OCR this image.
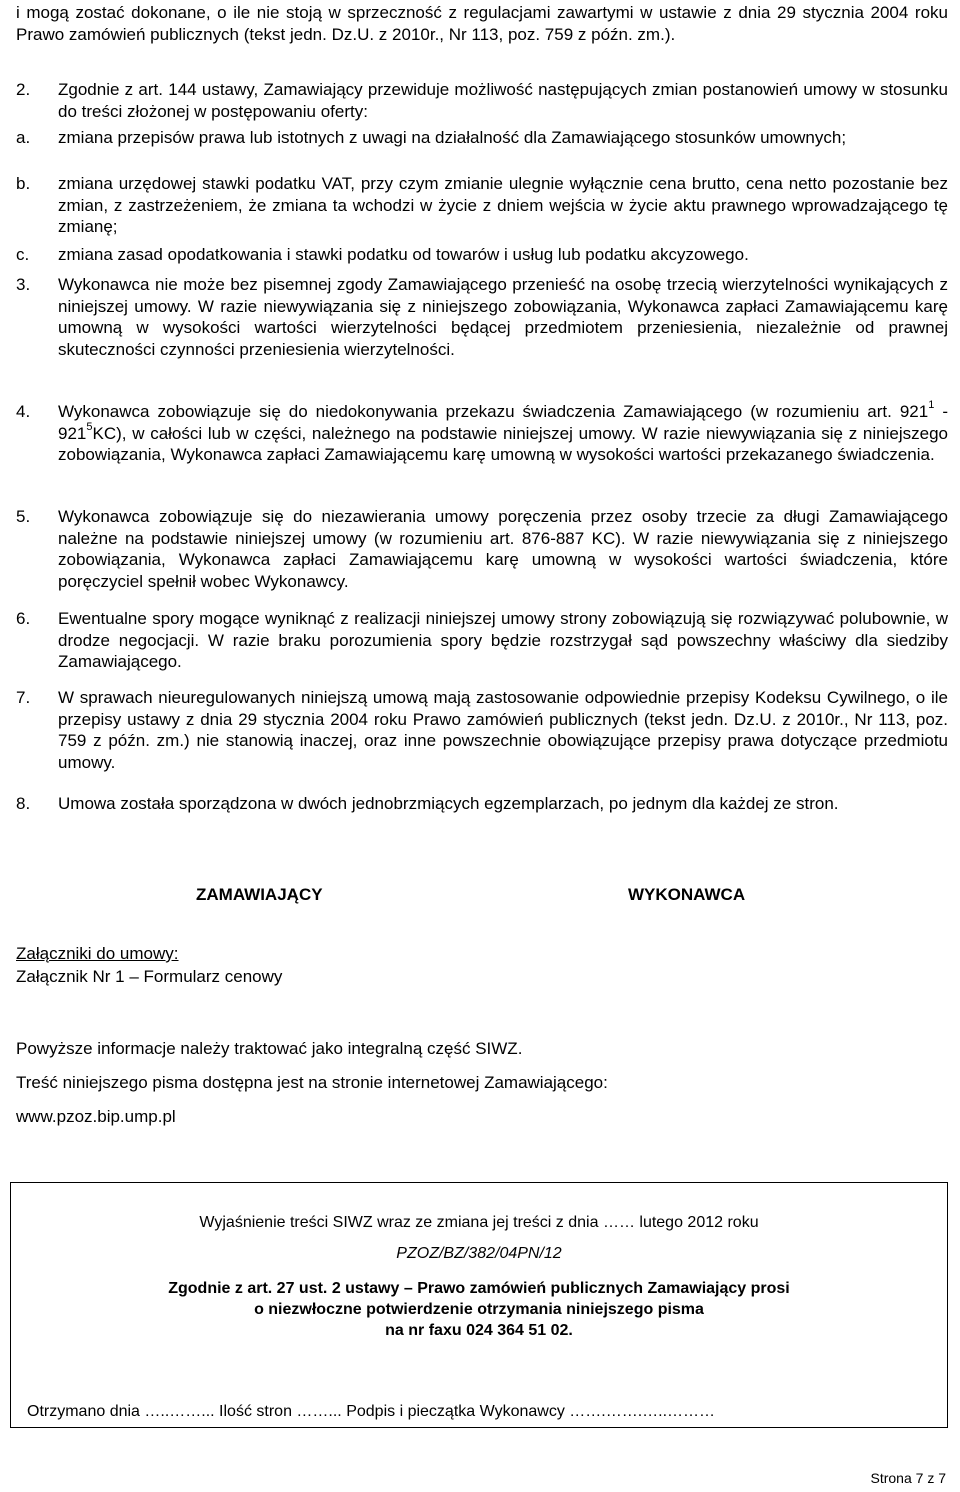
i mogą zostać dokonane, o ile nie stoją w sprzeczność z regulacjami zawartymi w ustawie z dnia 29 stycznia 2004 roku Prawo zamówień publicznych (tekst jedn. Dz.U. z 2010r., Nr 113, poz. 759 z późn. zm.).
2. Zgodnie z art. 144 ustawy, Zamawiający przewiduje możliwość następujących zmian postanowień umowy w stosunku do treści złożonej w postępowaniu oferty:
a.	zmiana przepisów prawa lub istotnych z uwagi na działalność dla Zamawiającego stosunków umownych;
b.	zmiana urzędowej stawki podatku VAT, przy czym zmianie ulegnie wyłącznie cena brutto, cena netto pozostanie bez zmian, z zastrzeżeniem, że zmiana ta wchodzi w życie z dniem wejścia w życie aktu prawnego wprowadzającego tę zmianę;
c.	zmiana zasad opodatkowania i stawki podatku od towarów i usług lub podatku akcyzowego.
3. Wykonawca nie może bez pisemnej zgody Zamawiającego przenieść na osobę trzecią wierzytelności wynikających z niniejszej umowy. W razie niewywiązania się z niniejszego zobowiązania, Wykonawca zapłaci Zamawiającemu karę umowną w wysokości wartości wierzytelności będącej przedmiotem przeniesienia, niezależnie od prawnej skuteczności czynności przeniesienia wierzytelności.
4. Wykonawca zobowiązuje się do niedokonywania przekazu świadczenia Zamawiającego (w rozumieniu art. $921^1 - 921^5KC$), w całości lub w części, należnego na podstawie niniejszej umowy. W razie niewywiązania się z niniejszego zobowiązania, Wykonawca zapłaci Zamawiającemu karę umowną w wysokości wartości przekazanego świadczenia.
5. Wykonawca zobowiązuje się do niezawierania umowy poręczenia przez osoby trzecie za długi Zamawiającego należne na podstawie niniejszej umowy (w rozumieniu art. 876-887 KC). W razie niewywiązania się z niniejszego zobowiązania, Wykonawca zapłaci Zamawiającemu karę umowną w wysokości wartości świadczenia, które poręczyciel spełnił wobec Wykonawcy.
6. Ewentualne spory mogące wyniknąć z realizacji niniejszej umowy strony zobowiązują się rozwiązywać polubownie, w drodze negocjacji. W razie braku porozumienia spory będzie rozstrzygał sąd powszechny właściwy dla siedziby Zamawiającego.
7. W sprawach nieuregulowanych niniejszą umową mają zastosowanie odpowiednie przepisy Kodeksu Cywilnego, o ile przepisy ustawy z dnia 29 stycznia 2004 roku Prawo zamówień publicznych (tekst jedn. Dz.U. z 2010r., Nr 113, poz. 759 z późn. zm.) nie stanowią inaczej, oraz inne powszechnie obowiązujące przepisy prawa dotyczące przedmiotu umowy.
8. Umowa została sporządzona w dwóch jednobrzmiących egzemplarzach, po jednym dla każdej ze stron.
ZAMAWIAJĄCY	WYKONAWCA
Załączniki do umowy:
Załącznik Nr 1 – Formularz cenowy
Powyższe informacje należy traktować jako integralną część SIWZ.
Treść niniejszego pisma dostępna jest na stronie internetowej Zamawiającego:
www.pzoz.bip.ump.pl
Wyjaśnienie treści SIWZ wraz ze zmiana jej treści z dnia …… lutego 2012 roku
PZOZ/BZ/382/04PN/12
Zgodnie z art. 27 ust. 2 ustawy – Prawo zamówień publicznych Zamawiający prosi
o niezwłoczne potwierdzenie otrzymania niniejszego pisma
na nr faxu 024 364 51 02.
Otrzymano dnia …..……... Ilość stron ……... Podpis i pieczątka Wykonawcy …….…….…..………
Strona 7 z 7
